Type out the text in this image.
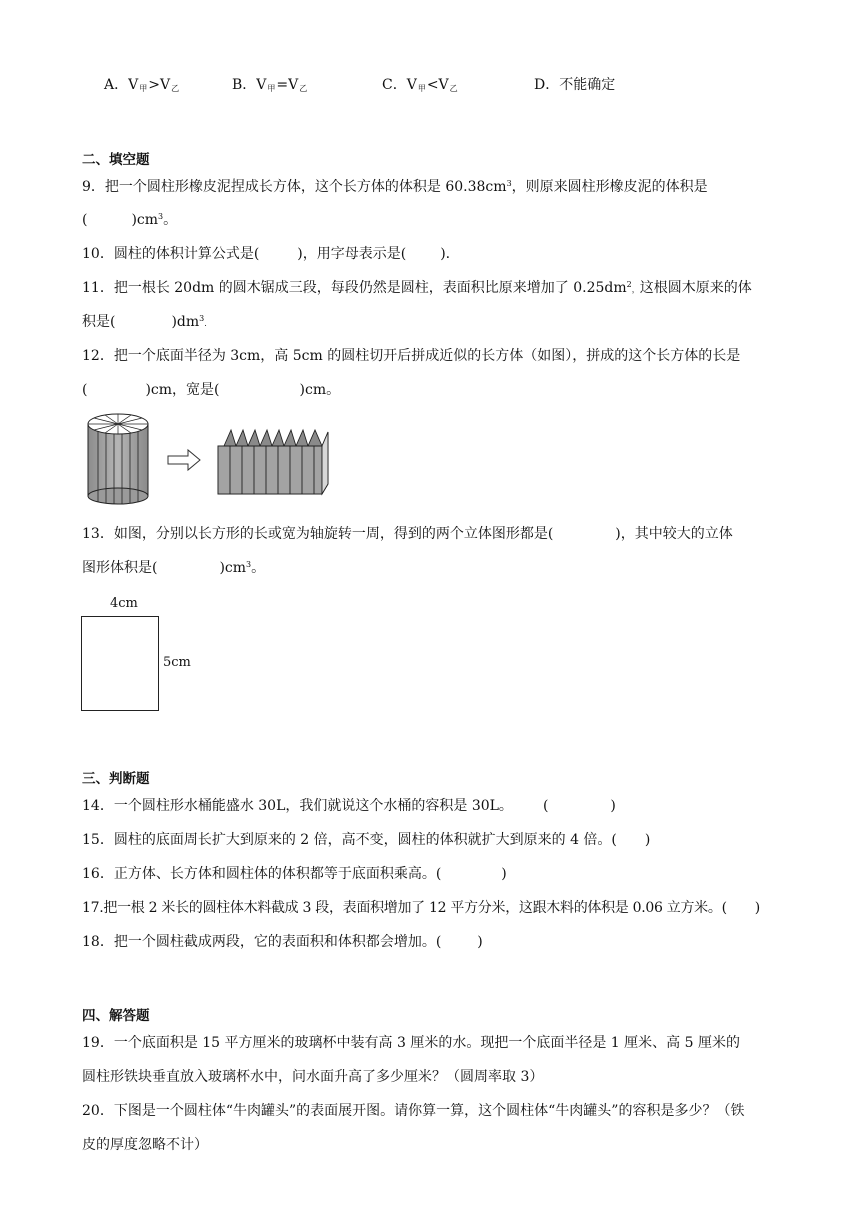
A．$V_甲>V_乙$	B．$V_甲=V_乙$	C．$V_甲<V_乙$	D．不能确定
二、填空题
9．把一个圆柱形橡皮泥捏成长方体，这个长方体的体积是 $60.38cm^3$，则原来圆柱形橡皮泥的体积是
(	)$cm^3$。
10．圆柱的体积计算公式是(	)，用字母表示是( ).
11．把一根长 20dm 的圆木锯成三段，每段仍然是圆柱，表面积比原来增加了 $0.25dm^2$，这根圆木原来的体
积是(	)$dm^3$.
12．把一个底面半径为 3cm，高 5cm 的圆柱切开后拼成近似的长方体（如图），拼成的这个长方体的长是
(	)cm，宽是(	)cm。
13．如图，分别以长方形的长或宽为轴旋转一周，得到的两个立体图形都是(	)，其中较大的立体
图形体积是(	)$cm^3$。
4cm
5cm
三、判断题
14．一个圆柱形水桶能盛水 30L，我们就说这个水桶的容积是 30L。 (	)
15．圆柱的底面周长扩大到原来的 2 倍，高不变，圆柱的体积就扩大到原来的 4 倍。( )
16．正方体、长方体和圆柱体的体积都等于底面积乘高。(	)
17.把一根 2 米长的圆柱体木料截成 3 段，表面积增加了 12 平方分米，这跟木料的体积是 0.06 立方米。( )
18．把一个圆柱截成两段，它的表面积和体积都会增加。(	)
四、解答题
19．一个底面积是 15 平方厘米的玻璃杯中装有高 3 厘米的水。现把一个底面半径是 1 厘米、高 5 厘米的
圆柱形铁块垂直放入玻璃杯水中，问水面升高了多少厘米？（圆周率取 3）
20．下图是一个圆柱体“牛肉罐头”的表面展开图。请你算一算，这个圆柱体“牛肉罐头”的容积是多少？（铁
皮的厚度忽略不计）
